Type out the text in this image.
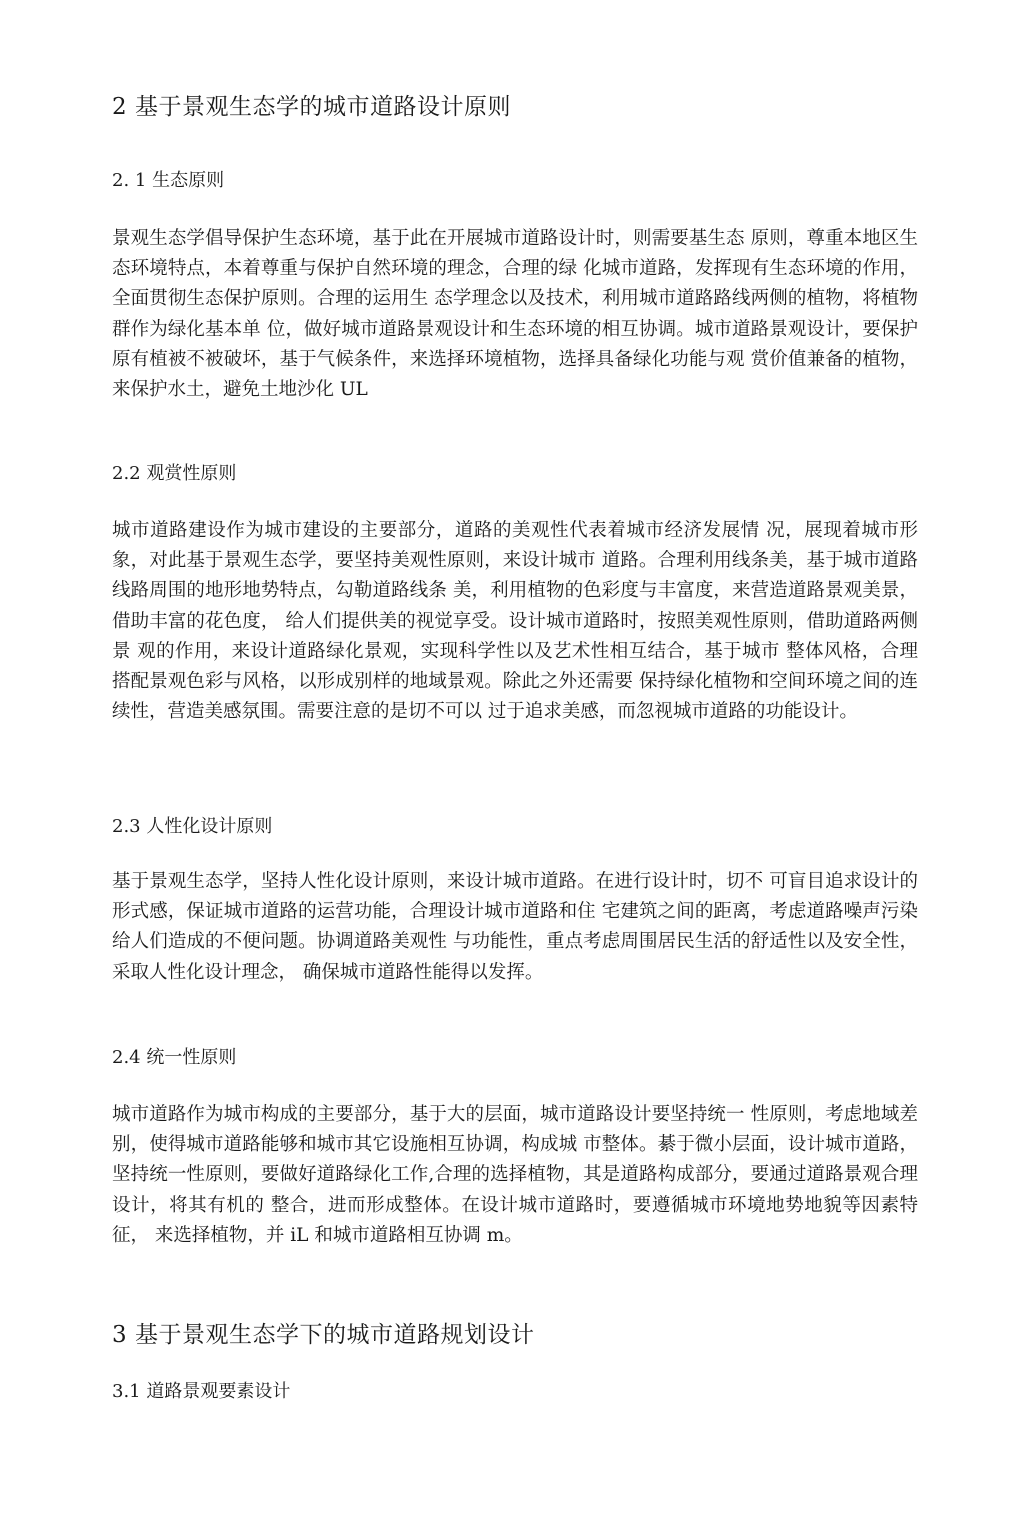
2 基于景观生态学的城市道路设计原则
2. 1 生态原则

景观生态学倡导保护生态环境，基于此在开展城市道路设计时，则需要基生态 原则，尊重本地区生态环境特点，本着尊重与保护自然环境的理念，合理的绿 化城市道路，发挥现有生态环境的作用，全面贯彻生态保护原则。合理的运用生 态学理念以及技术，利用城市道路路线两侧的植物，将植物群作为绿化基本单 位，做好城市道路景观设计和生态环境的相互协调。城市道路景观设计，要保护 原有植被不被破坏，基于气候条件，来选择环境植物，选择具备绿化功能与观 赏价值兼备的植物，来保护水土，避免土地沙化 UL

2.2 观赏性原则

城市道路建设作为城市建设的主要部分，道路的美观性代表着城市经济发展情 况，展现着城市形象，对此基于景观生态学，要坚持美观性原则，来设计城市 道路。合理利用线条美，基于城市道路线路周围的地形地势特点，勾勒道路线条 美，利用植物的色彩度与丰富度，来营造道路景观美景，借助丰富的花色度， 给人们提供美的视觉享受。设计城市道路时，按照美观性原则，借助道路两侧景 观的作用，来设计道路绿化景观，实现科学性以及艺术性相互结合，基于城市 整体风格，合理搭配景观色彩与风格，以形成别样的地域景观。除此之外还需要 保持绿化植物和空间环境之间的连续性，营造美感氛围。需要注意的是切不可以 过于追求美感，而忽视城市道路的功能设计。

2.3 人性化设计原则

基于景观生态学，坚持人性化设计原则，来设计城市道路。在进行设计时，切不 可盲目追求设计的形式感，保证城市道路的运营功能，合理设计城市道路和住 宅建筑之间的距离，考虑道路噪声污染给人们造成的不便问题。协调道路美观性 与功能性，重点考虑周围居民生活的舒适性以及安全性，采取人性化设计理念， 确保城市道路性能得以发挥。

2.4 统一性原则

城市道路作为城市构成的主要部分，基于大的层面，城市道路设计要坚持统一 性原则，考虑地域差别，使得城市道路能够和城市其它设施相互协调，构成城 市整体。綦于微小层面，设计城市道路，坚持统一性原则，要做好道路绿化工作,合理的选择植物，其是道路构成部分，要通过道路景观合理设计，将其有机的 整合，进而形成整体。在设计城市道路时，要遵循城市环境地势地貌等因素特征， 来选择植物，并 iL 和城市道路相互协调 m。

3 基于景观生态学下的城市道路规划设计
3.1 道路景观要素设计
